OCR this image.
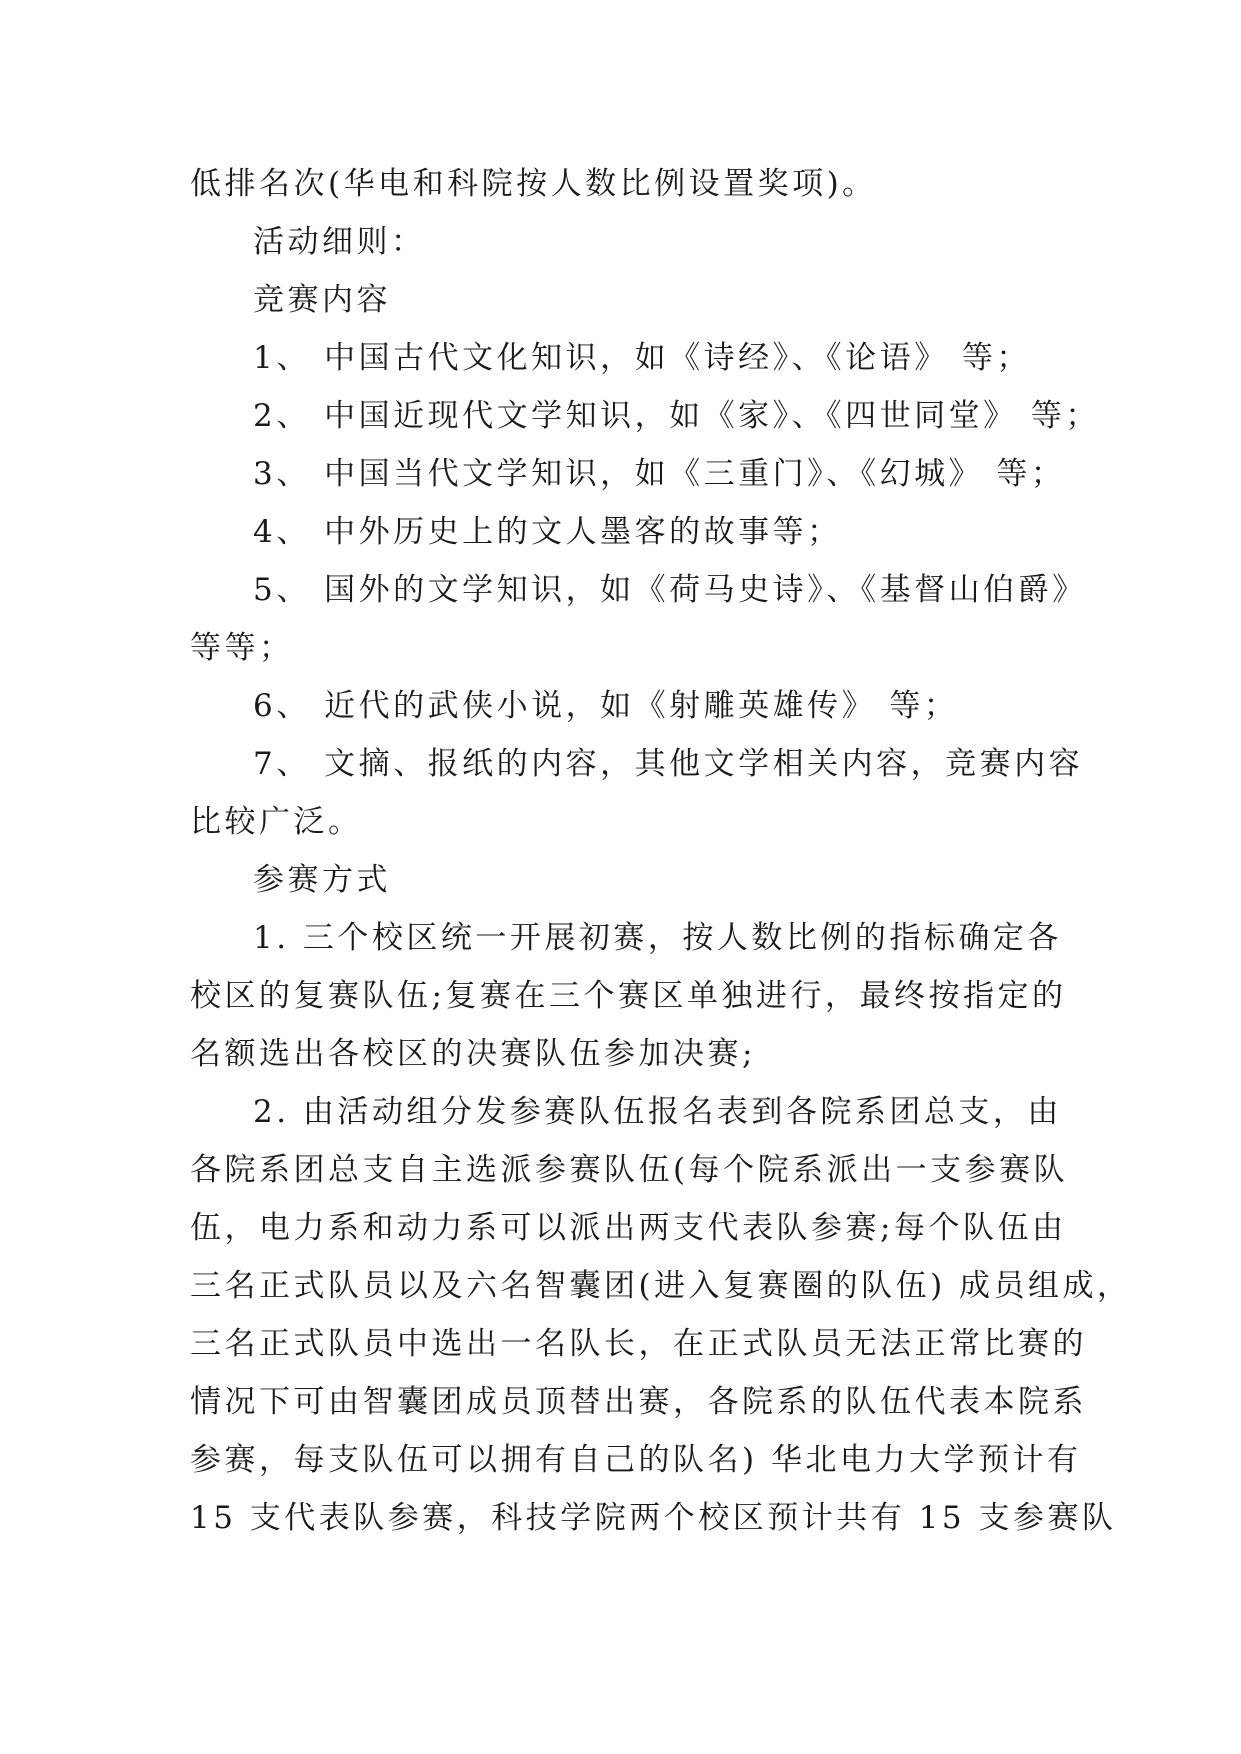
低排名次(华电和科院按人数比例设置奖项)。
活动细则：
竞赛内容
1、 中国古代文化知识，如《诗经》、《论语》 等；
2、 中国近现代文学知识，如《家》、《四世同堂》 等；
3、 中国当代文学知识，如《三重门》、《幻城》 等；
4、 中外历史上的文人墨客的故事等；
5、 国外的文学知识，如《荷马史诗》、《基督山伯爵》
等等；
6、 近代的武侠小说，如《射雕英雄传》 等；
7、 文摘、报纸的内容，其他文学相关内容，竞赛内容
比较广泛。
参赛方式
1. 三个校区统一开展初赛，按人数比例的指标确定各
校区的复赛队伍;复赛在三个赛区单独进行，最终按指定的
名额选出各校区的决赛队伍参加决赛;
2. 由活动组分发参赛队伍报名表到各院系团总支，由
各院系团总支自主选派参赛队伍(每个院系派出一支参赛队
伍，电力系和动力系可以派出两支代表队参赛;每个队伍由
三名正式队员以及六名智囊团(进入复赛圈的队伍) 成员组成，
三名正式队员中选出一名队长，在正式队员无法正常比赛的
情况下可由智囊团成员顶替出赛，各院系的队伍代表本院系
参赛，每支队伍可以拥有自己的队名) 华北电力大学预计有
15 支代表队参赛，科技学院两个校区预计共有 15 支参赛队
